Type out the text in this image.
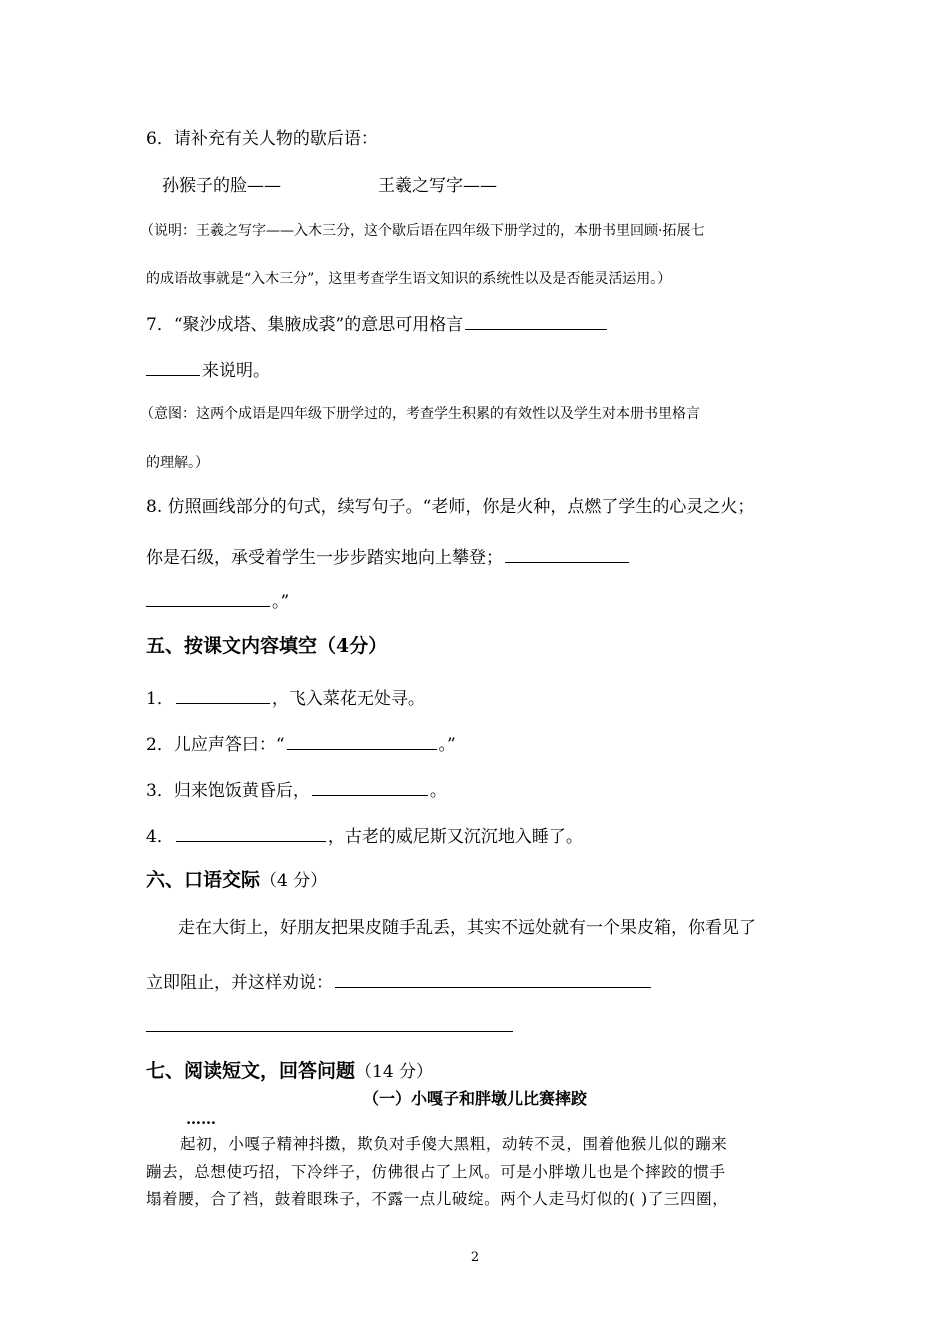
6．请补充有关人物的歇后语：
孙猴子的脸——	王羲之写字——
（说明：王羲之写字——入木三分，这个歇后语在四年级下册学过的，本册书里回顾·拓展七
的成语故事就是“入木三分”，这里考查学生语文知识的系统性以及是否能灵活运用。）
7．“聚沙成塔、集腋成裘”的意思可用格言
来说明。
（意图：这两个成语是四年级下册学过的，考查学生积累的有效性以及学生对本册书里格言
的理解。）
8. 仿照画线部分的句式，续写句子。“老师，你是火种，点燃了学生的心灵之火；
你是石级，承受着学生一步步踏实地向上攀登；
。”
五、按课文内容填空（4分）
1．	，飞入菜花无处寻。
2．儿应声答曰：“	。”
3．归来饱饭黄昏后，	。
4．	，古老的威尼斯又沉沉地入睡了。
六、口语交际（4 分）
走在大街上，好朋友把果皮随手乱丢，其实不远处就有一个果皮箱，你看见了
立即阻止，并这样劝说：
七、阅读短文，回答问题（14 分）
（一）小嘎子和胖墩儿比赛摔跤
……
起初，小嘎子精神抖擞，欺负对手傻大黑粗，动转不灵，围着他猴儿似的蹦来
蹦去，总想使巧招，下冷绊子，仿佛很占了上风。可是小胖墩儿也是个摔跤的惯手
塌着腰，合了裆，鼓着眼珠子，不露一点儿破绽。两个人走马灯似的( )了三四圈，
2
